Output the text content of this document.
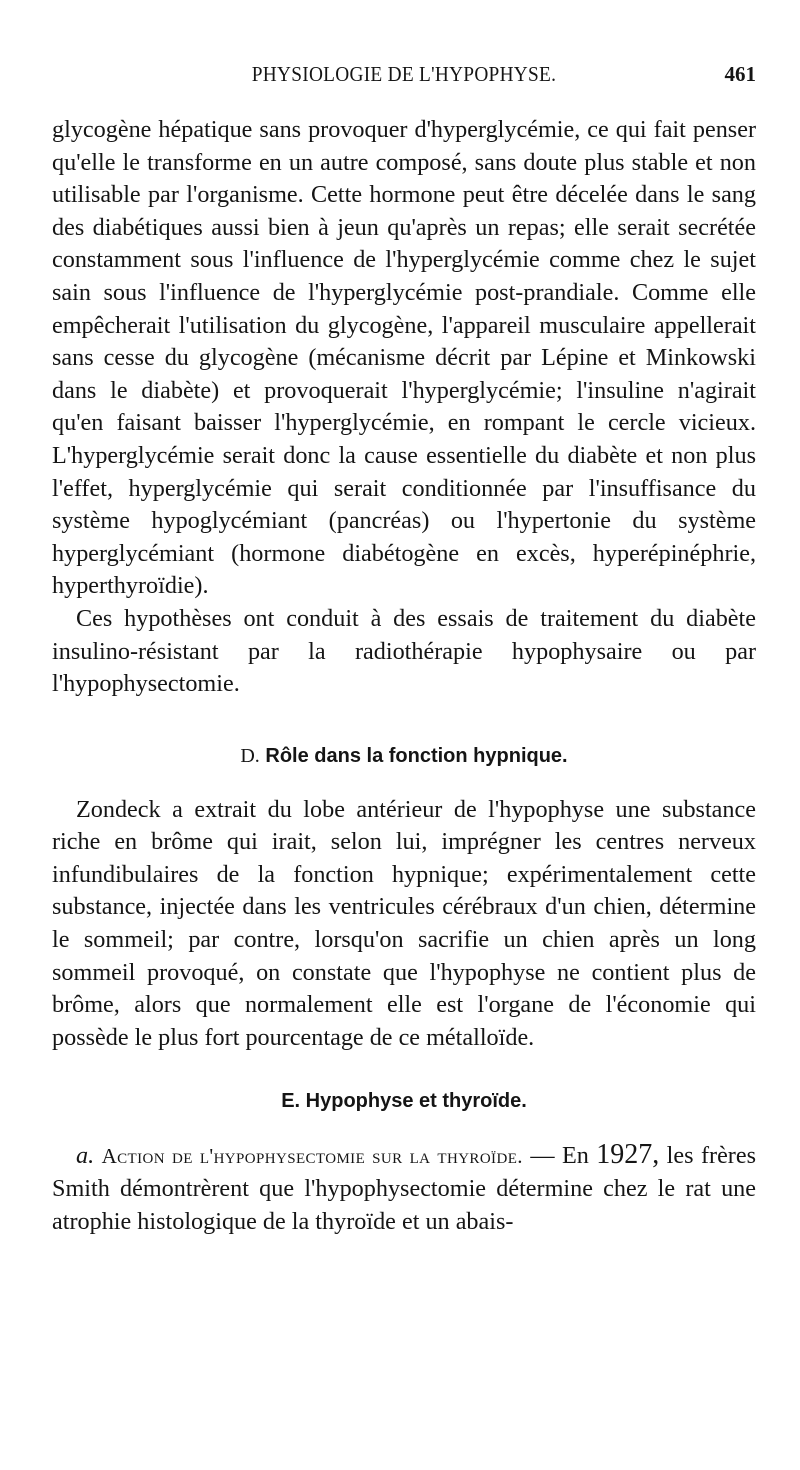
PHYSIOLOGIE DE L'HYPOPHYSE.	461

glycogène hépatique sans provoquer d'hyperglycémie, ce qui fait penser qu'elle le transforme en un autre composé, sans doute plus stable et non utilisable par l'organisme. Cette hormone peut être décelée dans le sang des diabétiques aussi bien à jeun qu'après un repas; elle serait secrétée constamment sous l'influence de l'hyperglycémie comme chez le sujet sain sous l'influence de l'hyperglycémie post-prandiale. Comme elle empêcherait l'utilisation du glycogène, l'appareil musculaire appellerait sans cesse du glycogène (mécanisme décrit par Lépine et Minkowski dans le diabète) et provoquerait l'hyperglycémie; l'insuline n'agirait qu'en faisant baisser l'hyperglycémie, en rompant le cercle vicieux. L'hyperglycémie serait donc la cause essentielle du diabète et non plus l'effet, hyperglycémie qui serait conditionnée par l'insuffisance du système hypoglycémiant (pancréas) ou l'hypertonie du système hyperglycémiant (hormone diabétogène en excès, hyperépinéphrie, hyperthyroïdie).

Ces hypothèses ont conduit à des essais de traitement du diabète insulino-résistant par la radiothérapie hypophysaire ou par l'hypophysectomie.

D. Rôle dans la fonction hypnique.

Zondeck a extrait du lobe antérieur de l'hypophyse une substance riche en brôme qui irait, selon lui, imprégner les centres nerveux infundibulaires de la fonction hypnique; expérimentalement cette substance, injectée dans les ventricules cérébraux d'un chien, détermine le sommeil; par contre, lorsqu'on sacrifie un chien après un long sommeil provoqué, on constate que l'hypophyse ne contient plus de brôme, alors que normalement elle est l'organe de l'économie qui possède le plus fort pourcentage de ce métalloïde.

E. Hypophyse et thyroïde.

a. Action de l'hypophysectomie sur la thyroïde. — En 1927, les frères Smith démontrèrent que l'hypophysectomie détermine chez le rat une atrophie histologique de la thyroïde et un abais-
